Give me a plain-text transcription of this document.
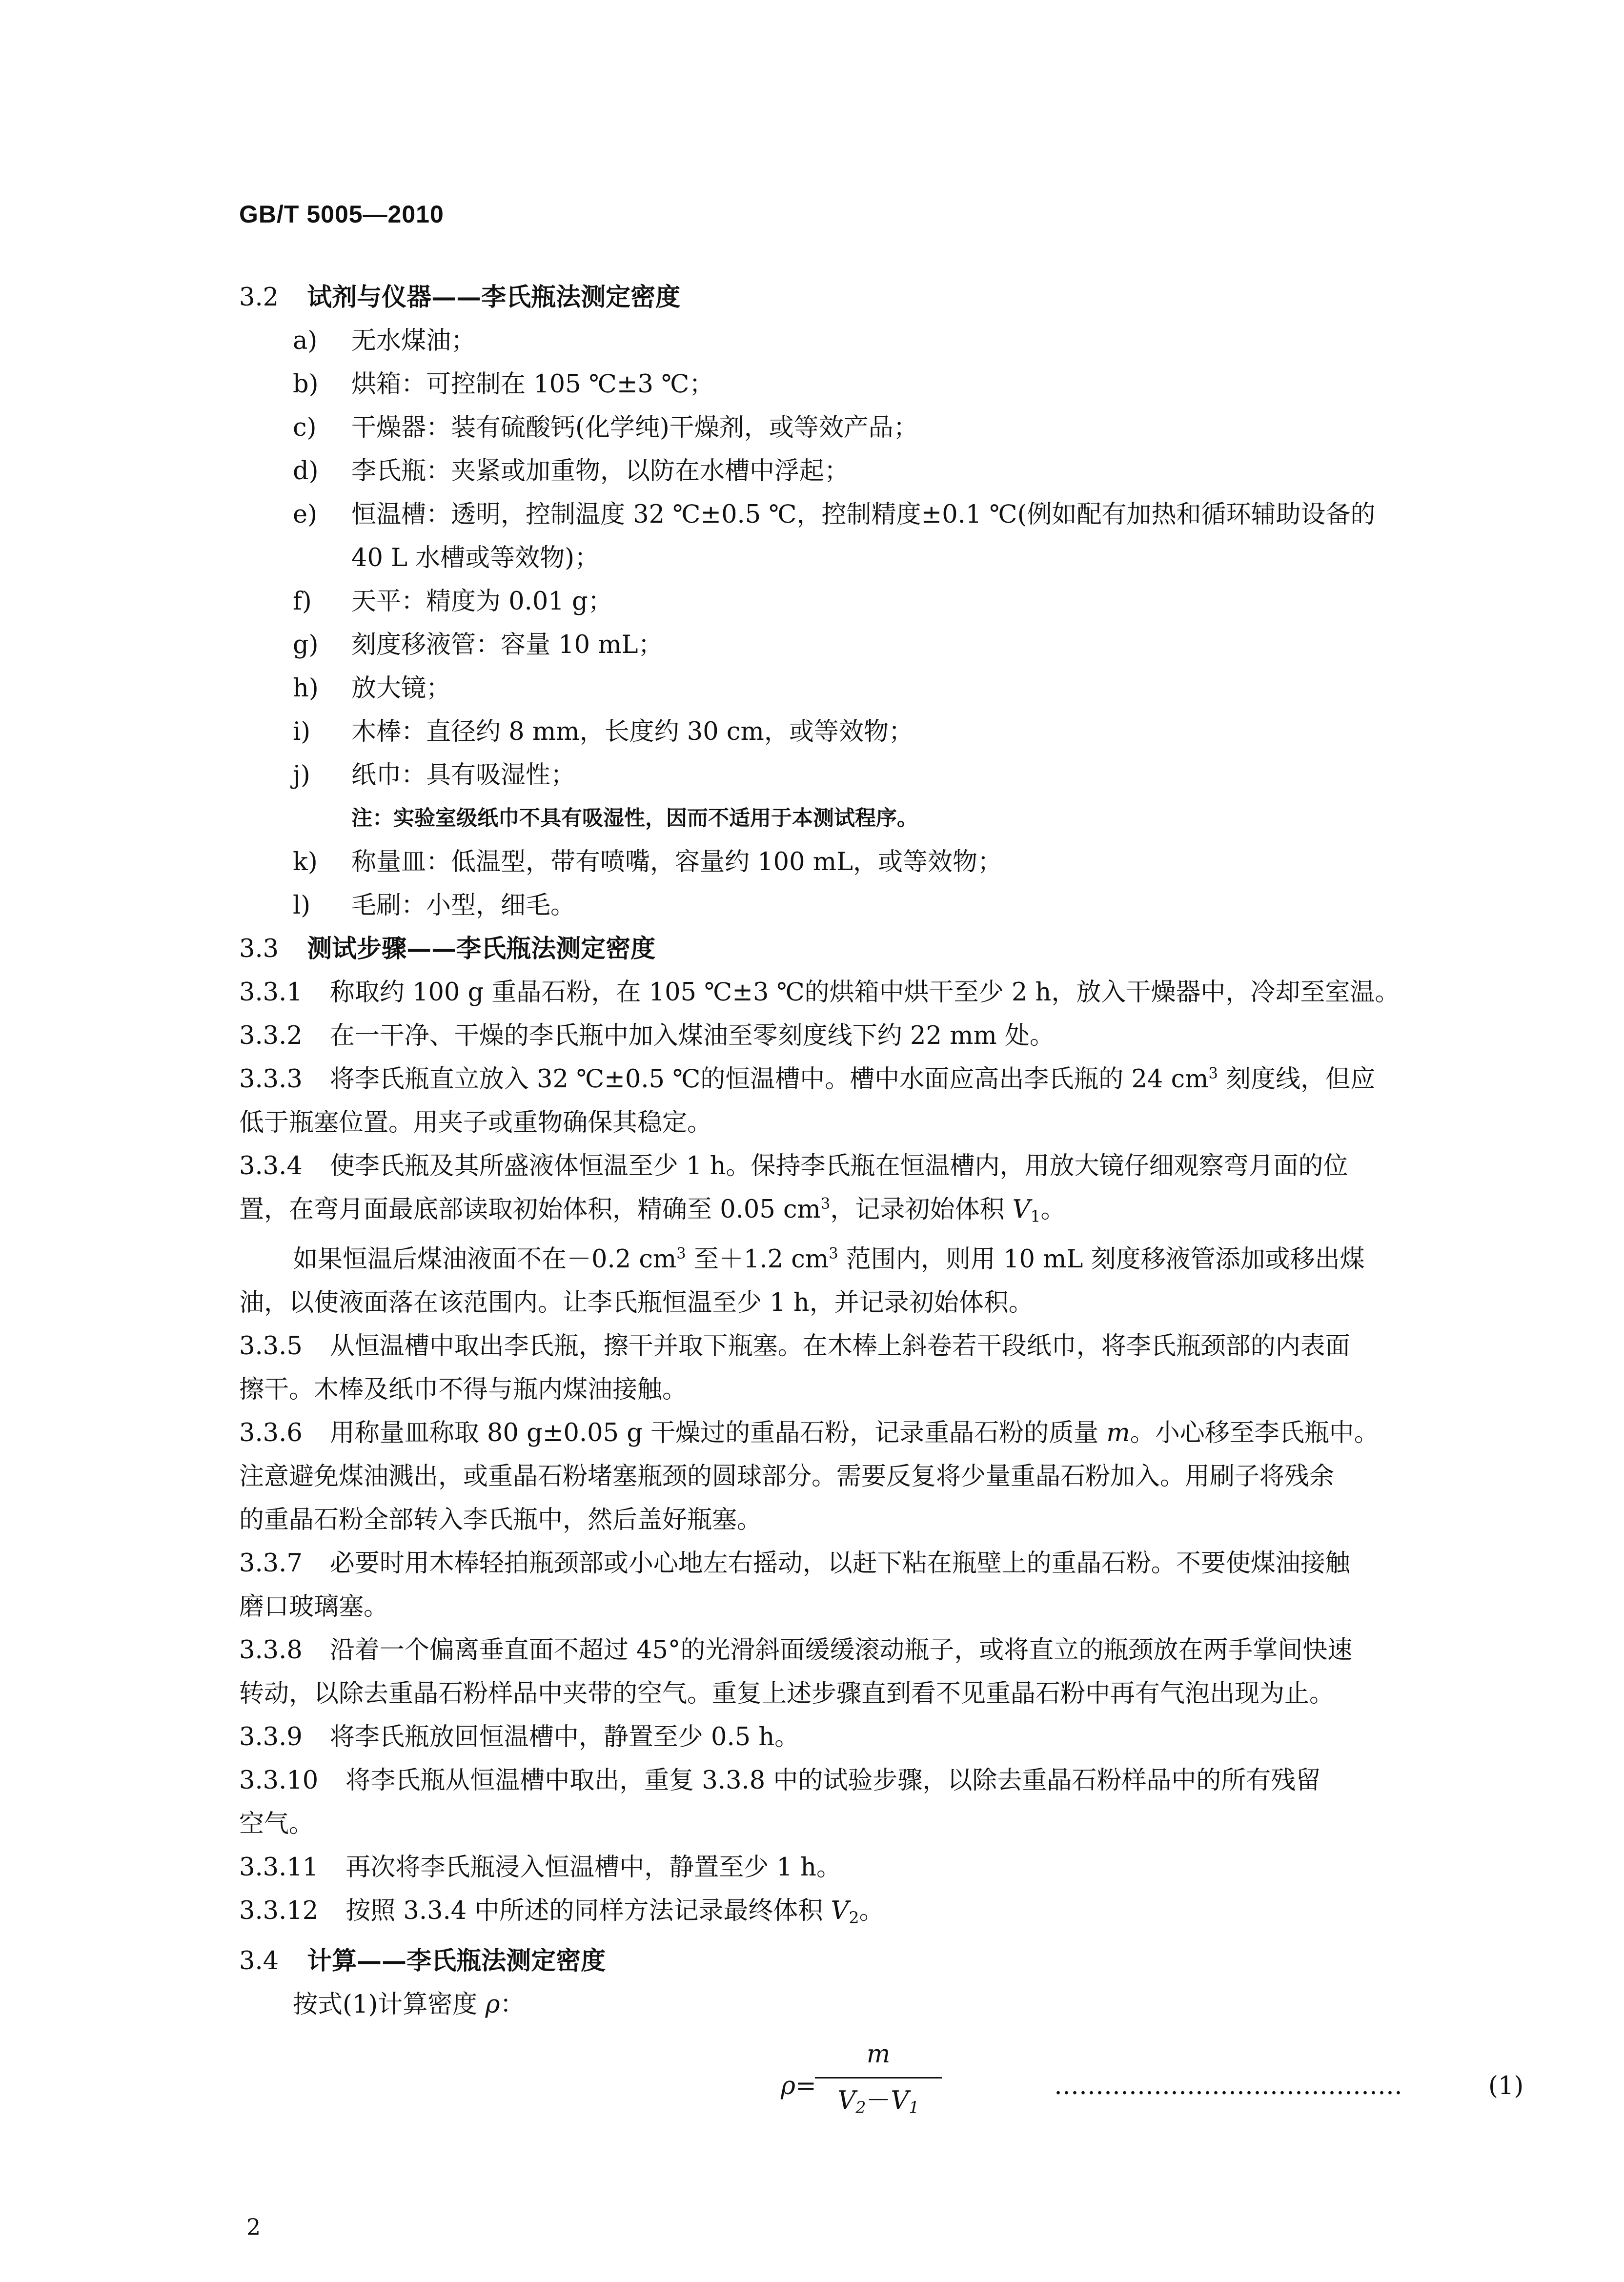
GB/T 5005—2010
3.2 试剂与仪器——李氏瓶法测定密度
a) 无水煤油；
b) 烘箱：可控制在 105 ℃±3 ℃；
c) 干燥器：装有硫酸钙(化学纯)干燥剂，或等效产品；
d) 李氏瓶：夹紧或加重物，以防在水槽中浮起；
e) 恒温槽：透明，控制温度 32 ℃±0.5 ℃，控制精度±0.1 ℃(例如配有加热和循环辅助设备的
40 L 水槽或等效物)；
f) 天平：精度为 0.01 g；
g) 刻度移液管：容量 10 mL；
h) 放大镜；
i) 木棒：直径约 8 mm，长度约 30 cm，或等效物；
j) 纸巾：具有吸湿性；
注：实验室级纸巾不具有吸湿性，因而不适用于本测试程序。
k) 称量皿：低温型，带有喷嘴，容量约 100 mL，或等效物；
l) 毛刷：小型，细毛。
3.3 测试步骤——李氏瓶法测定密度
3.3.1 称取约 100 g 重晶石粉，在 105 ℃±3 ℃的烘箱中烘干至少 2 h，放入干燥器中，冷却至室温。
3.3.2 在一干净、干燥的李氏瓶中加入煤油至零刻度线下约 22 mm 处。
3.3.3 将李氏瓶直立放入 32 ℃±0.5 ℃的恒温槽中。槽中水面应高出李氏瓶的 24 $cm^3$ 刻度线，但应
低于瓶塞位置。用夹子或重物确保其稳定。
3.3.4 使李氏瓶及其所盛液体恒温至少 1 h。保持李氏瓶在恒温槽内，用放大镜仔细观察弯月面的位
置，在弯月面最底部读取初始体积，精确至 0.05 $cm^3$，记录初始体积 $V_1$。
如果恒温后煤油液面不在－0.2 $cm^3$ 至＋1.2 $cm^3$ 范围内，则用 10 mL 刻度移液管添加或移出煤
油，以使液面落在该范围内。让李氏瓶恒温至少 1 h，并记录初始体积。
3.3.5 从恒温槽中取出李氏瓶，擦干并取下瓶塞。在木棒上斜卷若干段纸巾，将李氏瓶颈部的内表面
擦干。木棒及纸巾不得与瓶内煤油接触。
3.3.6 用称量皿称取 80 g±0.05 g 干燥过的重晶石粉，记录重晶石粉的质量 m。小心移至李氏瓶中。
注意避免煤油溅出，或重晶石粉堵塞瓶颈的圆球部分。需要反复将少量重晶石粉加入。用刷子将残余
的重晶石粉全部转入李氏瓶中，然后盖好瓶塞。
3.3.7 必要时用木棒轻拍瓶颈部或小心地左右摇动，以赶下粘在瓶壁上的重晶石粉。不要使煤油接触
磨口玻璃塞。
3.3.8 沿着一个偏离垂直面不超过 45°的光滑斜面缓缓滚动瓶子，或将直立的瓶颈放在两手掌间快速
转动，以除去重晶石粉样品中夹带的空气。重复上述步骤直到看不见重晶石粉中再有气泡出现为止。
3.3.9 将李氏瓶放回恒温槽中，静置至少 0.5 h。
3.3.10 将李氏瓶从恒温槽中取出，重复 3.3.8 中的试验步骤，以除去重晶石粉样品中的所有残留
空气。
3.3.11 再次将李氏瓶浸入恒温槽中，静置至少 1 h。
3.3.12 按照 3.3.4 中所述的同样方法记录最终体积 $V_2$。
3.4 计算——李氏瓶法测定密度
按式(1)计算密度 ρ：
ρ=
m
$V_2-V_1$
……………………………………	(1)
2
